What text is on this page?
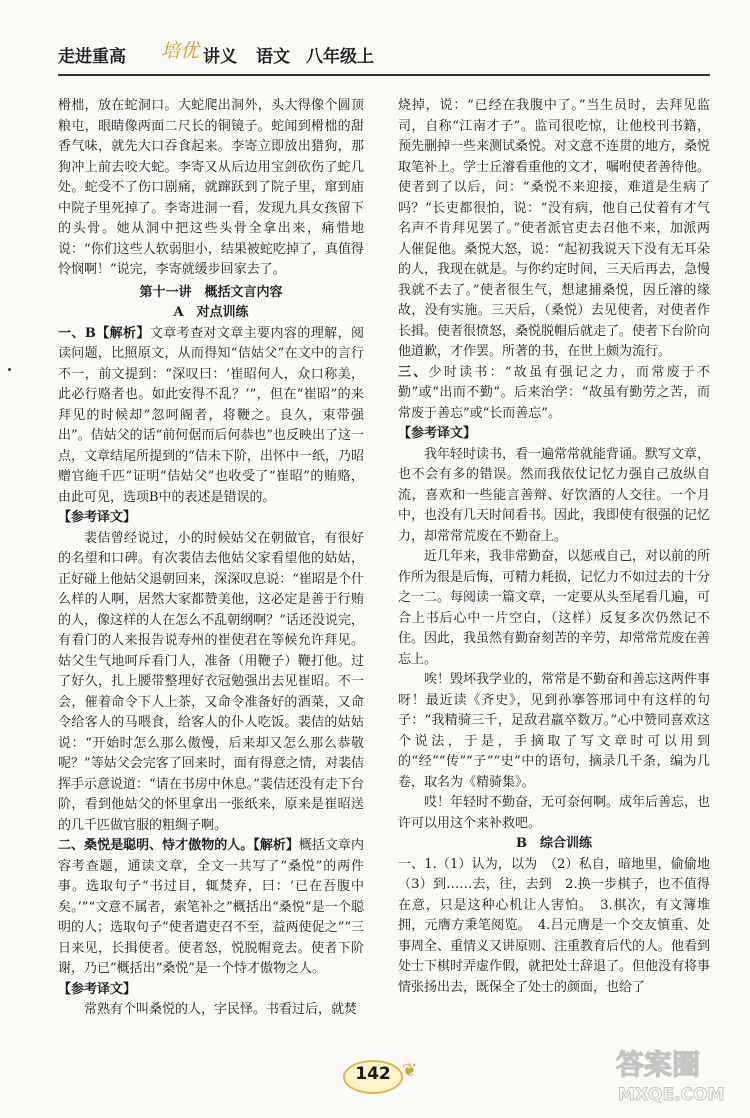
走进重高 培优 讲义 语文 八年级上

榾柮，放在蛇洞口。大蛇爬出洞外，头大得像个圆顶粮屯，眼睛像两面二尺长的铜镜子。蛇闻到榾柮的甜香气味，就先大口吞食起来。李寄立即放出猎狗，那狗冲上前去咬大蛇。李寄又从后边用宝剑砍伤了蛇几处。蛇受不了伤口剧痛，就蹿跃到了院子里，窜到庙中院子里死掉了。李寄进洞一看，发现九具女孩留下的头骨。她从洞中把这些头骨全拿出来，痛惜地说：“你们这些人软弱胆小，结果被蛇吃掉了，真值得怜悯啊！”说完，李寄就缓步回家去了。

第十一讲　概括文言内容

A　对点训练

一、B【解析】文章考查对文章主要内容的理解，阅读问题，比照原文，从而得知“佶姑父”在文中的言行不一，前文提到：“深叹曰：‘崔昭何人，众口称美，此必行赂者也。如此安得不乱？’”，但在“崔昭”的来拜见的时候却“忽呵阍者，将鞭之。良久，束带强出”。佶姑父的话“前何倨而后何恭也”也反映出了这一点，文章结尾所提到的“佶未下阶，出怀中一纸，乃昭赠官絁千匹”证明“佶姑父”也收受了“崔昭”的贿赂，由此可见，选项B中的表述是错误的。

【参考译文】

裴佶曾经说过，小的时候姑父在朝做官，有很好的名望和口碑。有次裴佶去他姑父家看望他的姑姑，正好碰上他姑父退朝回来，深深叹息说：“崔昭是个什么样的人啊，居然大家都赞美他，这必定是善于行贿的人，像这样的人在怎么不乱朝纲啊？”话还没说完，有看门的人来报告说寿州的崔使君在等候允许拜见。姑父生气地呵斥看门人，准备（用鞭子）鞭打他。过了好久，扎上腰带整理好衣冠勉强出去见崔昭。不一会，催着命令下人上茶，又命令准备好的酒菜，又命令给客人的马喂食，给客人的仆人吃饭。裴佶的姑姑说：“开始时怎么那么傲慢，后来却又怎么那么恭敬呢？”等姑父会完客了回来时，面有得意之情，对裴佶挥手示意说道：“请在书房中休息。”裴佶还没有走下台阶，看到他姑父的怀里拿出一张纸来，原来是崔昭送的几千匹做官服的粗绸子啊。

二、桑悦是聪明、恃才傲物的人。【解析】概括文章内容考查题，通读文章，全文一共写了“桑悦”的两件事。选取句子“书过目，辄焚弃，曰：‘已在吾腹中矣。’”“文意不属者，索笔补之”概括出“桑悦”是一个聪明的人；选取句子“使者遣吏召不至，益两使促之”“三日来见，长揖使者。使者怒，悦脱帽竟去。使者下阶谢，乃已”概括出“桑悦”是一个恃才傲物之人。

【参考译文】

常熟有个叫桑悦的人，字民怿。书看过后，就焚

烧掉，说：“已经在我腹中了。”当生员时，去拜见监司，自称“江南才子”。监司很吃惊，让他校刊书籍，预先删掉一些来测试桑悦。对文意不连贯的地方，桑悦取笔补上。学士丘濬看重他的文才，嘱咐使者善待他。使者到了以后，问：“桑悦不来迎接，难道是生病了吗？”长吏都很怕，说：“没有病，他自己仗着有才气名声不肯拜见罢了。”使者派官吏去召他不来，加派两人催促他。桑悦大怒，说：“起初我说天下没有无耳朵的人，我现在就是。与你约定时间，三天后再去，急慢我就不去了。”使者很生气，想逮捕桑悦，因丘濬的缘故，没有实施。三天后，（桑悦）去见使者，对使者作长揖。使者很愤怒，桑悦脱帽后就走了。使者下台阶向他道歉，才作罢。所著的书，在世上颇为流行。

三、少时读书：“故虽有强记之力，而常废于不勤”或“出而不勤”。后来治学：“故虽有勤劳之苦，而常废于善忘”或“长而善忘”。

【参考译文】

我年轻时读书，看一遍常常就能背诵。默写文章，也不会有多的错误。然而我依仗记忆力强自己放纵自流，喜欢和一些能言善辩、好饮酒的人交往。一个月中，也没有几天时间看书。因此，我即使有很强的记忆力，却常常荒废在不勤奋上。

近几年来，我非常勤奋，以惩戒自己，对以前的所作所为很是后悔，可精力耗损，记忆力不如过去的十分之一二。每阅读一篇文章，一定要从头至尾看几遍，可合上书后心中一片空白，（这样）反复多次仍然记不住。因此，我虽然有勤奋刻苦的辛劳，却常常荒废在善忘上。

唉！毁坏我学业的，常常是不勤奋和善忘这两件事呀！最近读《齐史》，见到孙搴答邢词中有这样的句子：“我精骑三千，足敌君羸卒数万。”心中赞同喜欢这个说法，于是，手摘取了写文章时可以用到的“经”“传”“子”“史”中的语句，摘录几千条，编为几卷，取名为《精骑集》。

哎！年轻时不勤奋，无可奈何啊。成年后善忘，也许可以用这个来补救吧。

B　综合训练

一、1.（1）认为，以为　（2）私自，暗地里，偷偷地（3）到……去，往，去到　2.换一步棋子，也不值得在意，只是这种心机让人害怕。　3.棋次，有文簿堆拥，元膺方秉笔阅览。　4.吕元膺是一个交友慎重、处事周全、重情义又讲原则、注重教育后代的人。他看到处士下棋时弄虚作假，就把处士辞退了。但他没有将事情张扬出去，既保全了处士的颜面，也给了

142 ❦	答案圈
MXQE.COM
